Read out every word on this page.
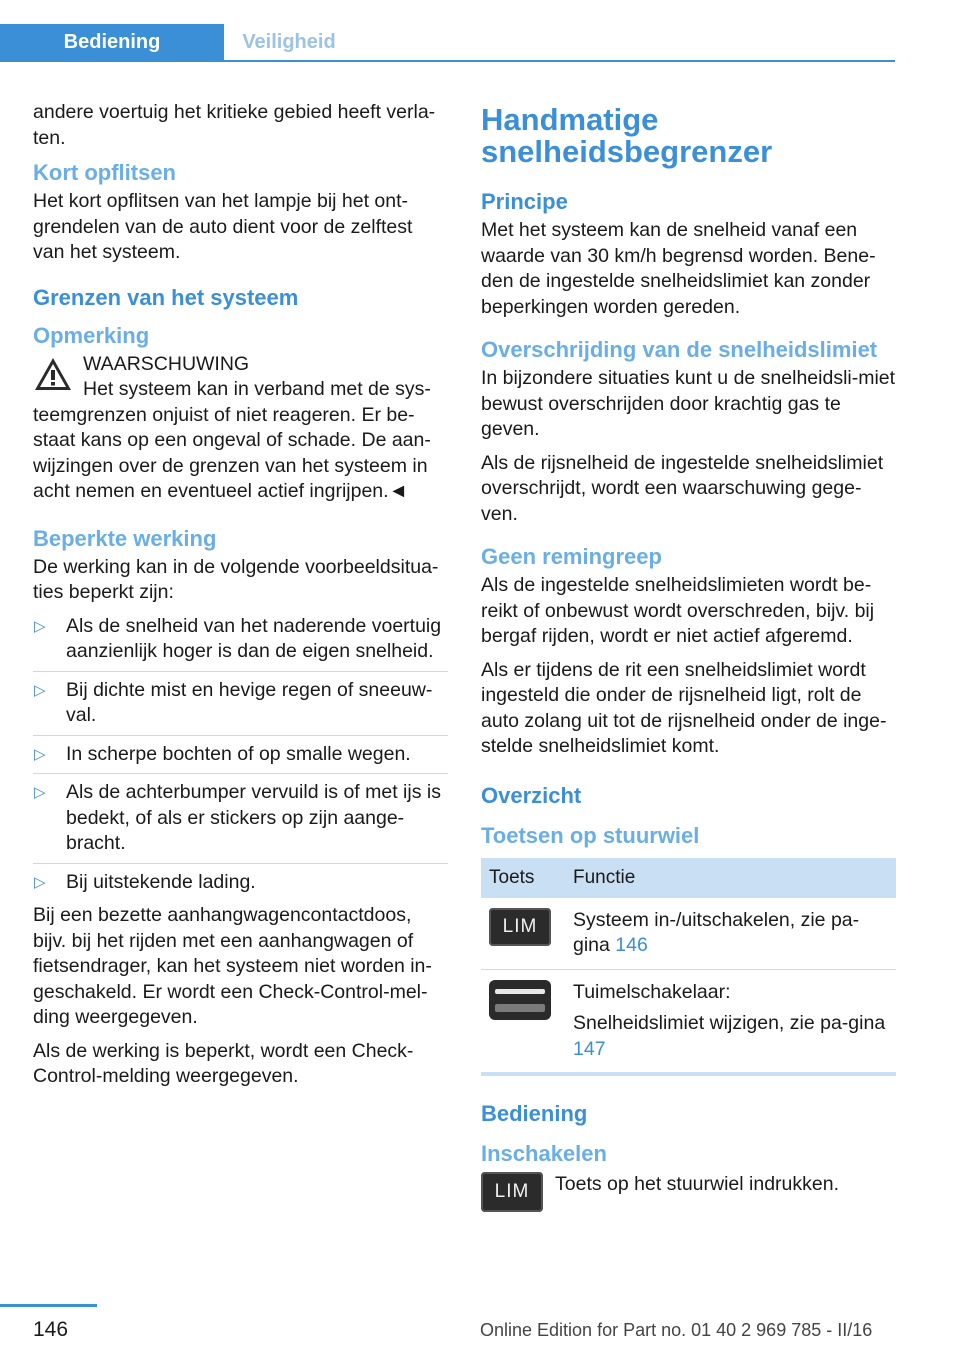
Bediening	Veiligheid

andere voertuig het kritieke gebied heeft verla-ten.

Kort opflitsen

Het kort opflitsen van het lampje bij het ont-grendelen van de auto dient voor de zelftest van het systeem.

Grenzen van het systeem
Opmerking

WAARSCHUWING

Het systeem kan in verband met de sys-teemgrenzen onjuist of niet reageren. Er be-staat kans op een ongeval of schade. De aan-wijzingen over de grenzen van het systeem in acht nemen en eventueel actief ingrijpen.◄

Beperkte werking

De werking kan in de volgende voorbeeldsitua-ties beperkt zijn:

▷ Als de snelheid van het naderende voertuig aanzienlijk hoger is dan de eigen snelheid.
▷ Bij dichte mist en hevige regen of sneeuw-val.
▷ In scherpe bochten of op smalle wegen.
▷ Als de achterbumper vervuild is of met ijs is bedekt, of als er stickers op zijn aange-bracht.
▷ Bij uitstekende lading.

Bij een bezette aanhangwagencontactdoos, bijv. bij het rijden met een aanhangwagen of fietsendrager, kan het systeem niet worden in-geschakeld. Er wordt een Check-Control-mel-ding weergegeven.

Als de werking is beperkt, wordt een Check-Control-melding weergegeven.

Handmatige snelheidsbegrenzer
Principe

Met het systeem kan de snelheid vanaf een waarde van 30 km/h begrensd worden. Bene-den de ingestelde snelheidslimiet kan zonder beperkingen worden gereden.

Overschrijding van de snelheidslimiet

In bijzondere situaties kunt u de snelheidsli-miet bewust overschrijden door krachtig gas te geven.

Als de rijsnelheid de ingestelde snelheidslimiet overschrijdt, wordt een waarschuwing gege-ven.

Geen remingreep

Als de ingestelde snelheidslimieten wordt be-reikt of onbewust wordt overschreden, bijv. bij bergaf rijden, wordt er niet actief afgeremd.

Als er tijdens de rit een snelheidslimiet wordt ingesteld die onder de rijsnelheid ligt, rolt de auto zolang uit tot de rijsnelheid onder de inge-stelde snelheidslimiet komt.

Overzicht
Toetsen op stuurwiel
Toets	Functie

LIM	Systeem in-/uitschakelen, zie pa-gina 146

	Tuimelschakelaar:

Snelheidslimiet wijzigen, zie pa-gina 147

Bediening
Inschakelen
LIM	Toets op het stuurwiel indrukken.
146	Online Edition for Part no. 01 40 2 969 785 - II/16
